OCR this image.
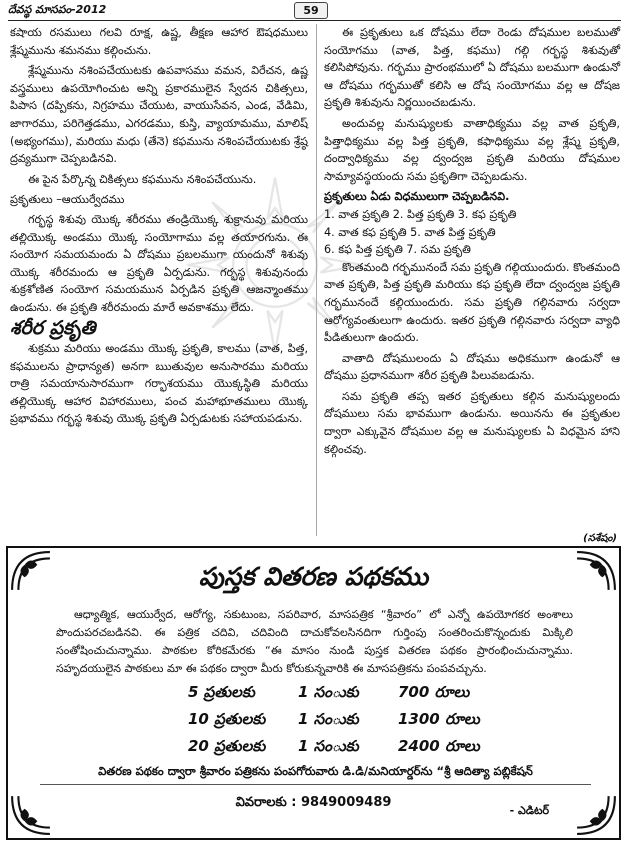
దేవస్థ మాసపం-2012	59

కషాయ రసములు గలవి రూక్ష, ఉష్ణ, తీక్షణ ఆహార ఔషధములు శ్లేష్మమును శమనము కల్గించును.

శ్లేష్మమును నశింపచేయుటకు ఉపవాసము వమన, విరేచన, ఉష్ణ వస్త్రములు ఉపయోగించుట అన్ని ప్రకారములైన స్వేదన చికిత్సలు, పిపాస (దప్పికను, నిగ్రహము చేయుట, వాయుసేవన, ఎండ, వేడిమి, జాగారము, పరిగెత్తడము, ఎగరడము, కుస్తి, వ్యాయామము, మాలిష్ (అభ్యంగము), మరియు మధు (తేనె) కఫమును నశింపచేయుటకు శ్రేష్ఠ ద్రవ్యముగా చెప్పబడినవి.

ఈ పైన పేర్కొన్న చికిత్సలు కఫమును నశింపచేయును.

ప్రకృతులు –ఆయుర్వేదము

గర్భస్థ శిశువు యొక్క శరీరము తండ్రియొక్క శుక్రానువు మరియు తల్లియొక్క అండము యొక్క సంయోగాము వల్ల తయారగును. ఈ సంయోగ సమయమందు ఏ దోషము ప్రబలముగా యందునో శిశువు యొక్క శరీరమందు ఆ ప్రకృతి ఏర్పడును. గర్భస్థ శిశువునందు శుక్రశోణిత సంయోగ సమయమున ఏర్పడిన ప్రకృతి ఆజన్మాంతము ఉండును. ఈ ప్రకృతి శరీరమందు మారే అవకాశము లేదు.

శరీర ప్రకృతి

శుక్రము మరియు అండము యొక్క ప్రకృతి, కాలము (వాత, పిత్త, కఫములను ప్రాధాన్యత) అనగా ఋతువుల అనుసారము మరియు రాత్రి సమయానుసారముగా గర్భాశయము యొక్కస్థితి మరియు తల్లియొక్క ఆహార విహారములు, పంచ మహాభూతములు యొక్క ప్రభావము గర్భస్థ శిశువు యొక్క ప్రకృతి ఏర్పడుటకు సహాయపడును.

ఈ ప్రకృతులు ఒక దోషము లేదా రెండు దోషముల బలముతో సంయోగము (వాత, పిత్త, కఫము) గల్గి గర్భస్థ శిశువుతో కలిసిపోవును. గర్భము ప్రారంభములో ఏ దోషము బలముగా ఉండునో ఆ దోషము గర్భముతో కలిసి ఆ దోష సంయోగము వల్ల ఆ దోషజ ప్రకృతి శిశువును నిర్ణయించబడును.

అందువల్ల మనుష్యులకు వాతాధిక్యము వల్ల వాత ప్రకృతి, పిత్తాధిక్యము వల్ల పిత్త ప్రకృతి, కఫాధిక్యము వల్ల శ్లేష్మ ప్రకృతి, దంద్వాధిక్యము వల్ల ద్వంద్వజ ప్రకృతి మరియు దోషముల సామ్యావస్థయందు సమ ప్రకృతిగా చెప్పబడును.

ప్రకృతులు ఏడు విధములుగా చెప్పబడినవి.
1. వాత ప్రకృతి 2. పిత్త ప్రకృతి 3. కఫ ప్రకృతి
4. వాత కఫ ప్రకృతి 5. వాత పిత్త ప్రకృతి
6. కఫ పిత్త ప్రకృతి 7. సమ ప్రకృతి

కొంతమంది గర్భమునందే సమ ప్రకృతి గల్గియుందురు. కొంతమంది వాత ప్రకృతి, పిత్త ప్రకృతి మరియు కఫ ప్రకృతి లేదా ద్వంద్వజ ప్రకృతి గర్భమునందే కల్గియుందురు. సమ ప్రకృతి గల్గినవారు సర్వదా ఆరోగ్యవంతులుగా ఉందురు. ఇతర ప్రకృతి గల్గినవారు సర్వదా వ్యాధి పీడితులుగా ఉందురు.

వాతాది దోషములందు ఏ దోషము అధికముగా ఉండునో ఆ దోషము ప్రధానముగా శరీర ప్రకృతి పిలువబడును.

సమ ప్రకృతి తప్ప ఇతర ప్రకృతులు కల్గిన మనుష్యులందు దోషములు సమ భావముగా ఉండును. అయినను ఈ ప్రకృతుల ద్వారా ఎక్కువైన దోషముల వల్ల ఆ మనుష్యులకు ఏ విధమైన హాని కల్గించవు.

(సశేషం)
పుస్తక వితరణ పథకము

ఆధ్యాత్మిక, ఆయుర్వేద, ఆరోగ్య, సకుటుంబ, సపరివార, మాసపత్రిక “శ్రీవారం” లో ఎన్నో ఉపయోగకర అంశాలు పొందుపరచబడినవి. ఈ పత్రిక చదివి, చదివింది దాచుకోవలసినదిగా గుర్తింపు సంతరించుకొన్నందుకు మిక్కిలి సంతోషించుచున్నాము. పాఠకుల కోరికమేరకు “ఈ మాసం నుండి పుస్తక వితరణ పథకం ప్రారంభించుచున్నాము. సహృదయులైన పాఠకులు మా ఈ పథకం ద్వారా మీరు కోరుకున్నవారికి ఈ మాసపత్రికను పంపవచ్చును.

5 ప్రతులకు	1 సంుకు	700 రూలు
10 ప్రతులకు	1 సంుకు	1300 రూలు
20 ప్రతులకు	1 సంుకు	2400 రూలు
వితరణ పథకం ద్వారా శ్రీవారం పత్రికను పంపగోరువారు డి.డి/మనియార్డర్‌ను “శ్రీ ఆదిత్యా పబ్లికేషన్
వివరాలకు : 9849009489
- ఎడిటర్
